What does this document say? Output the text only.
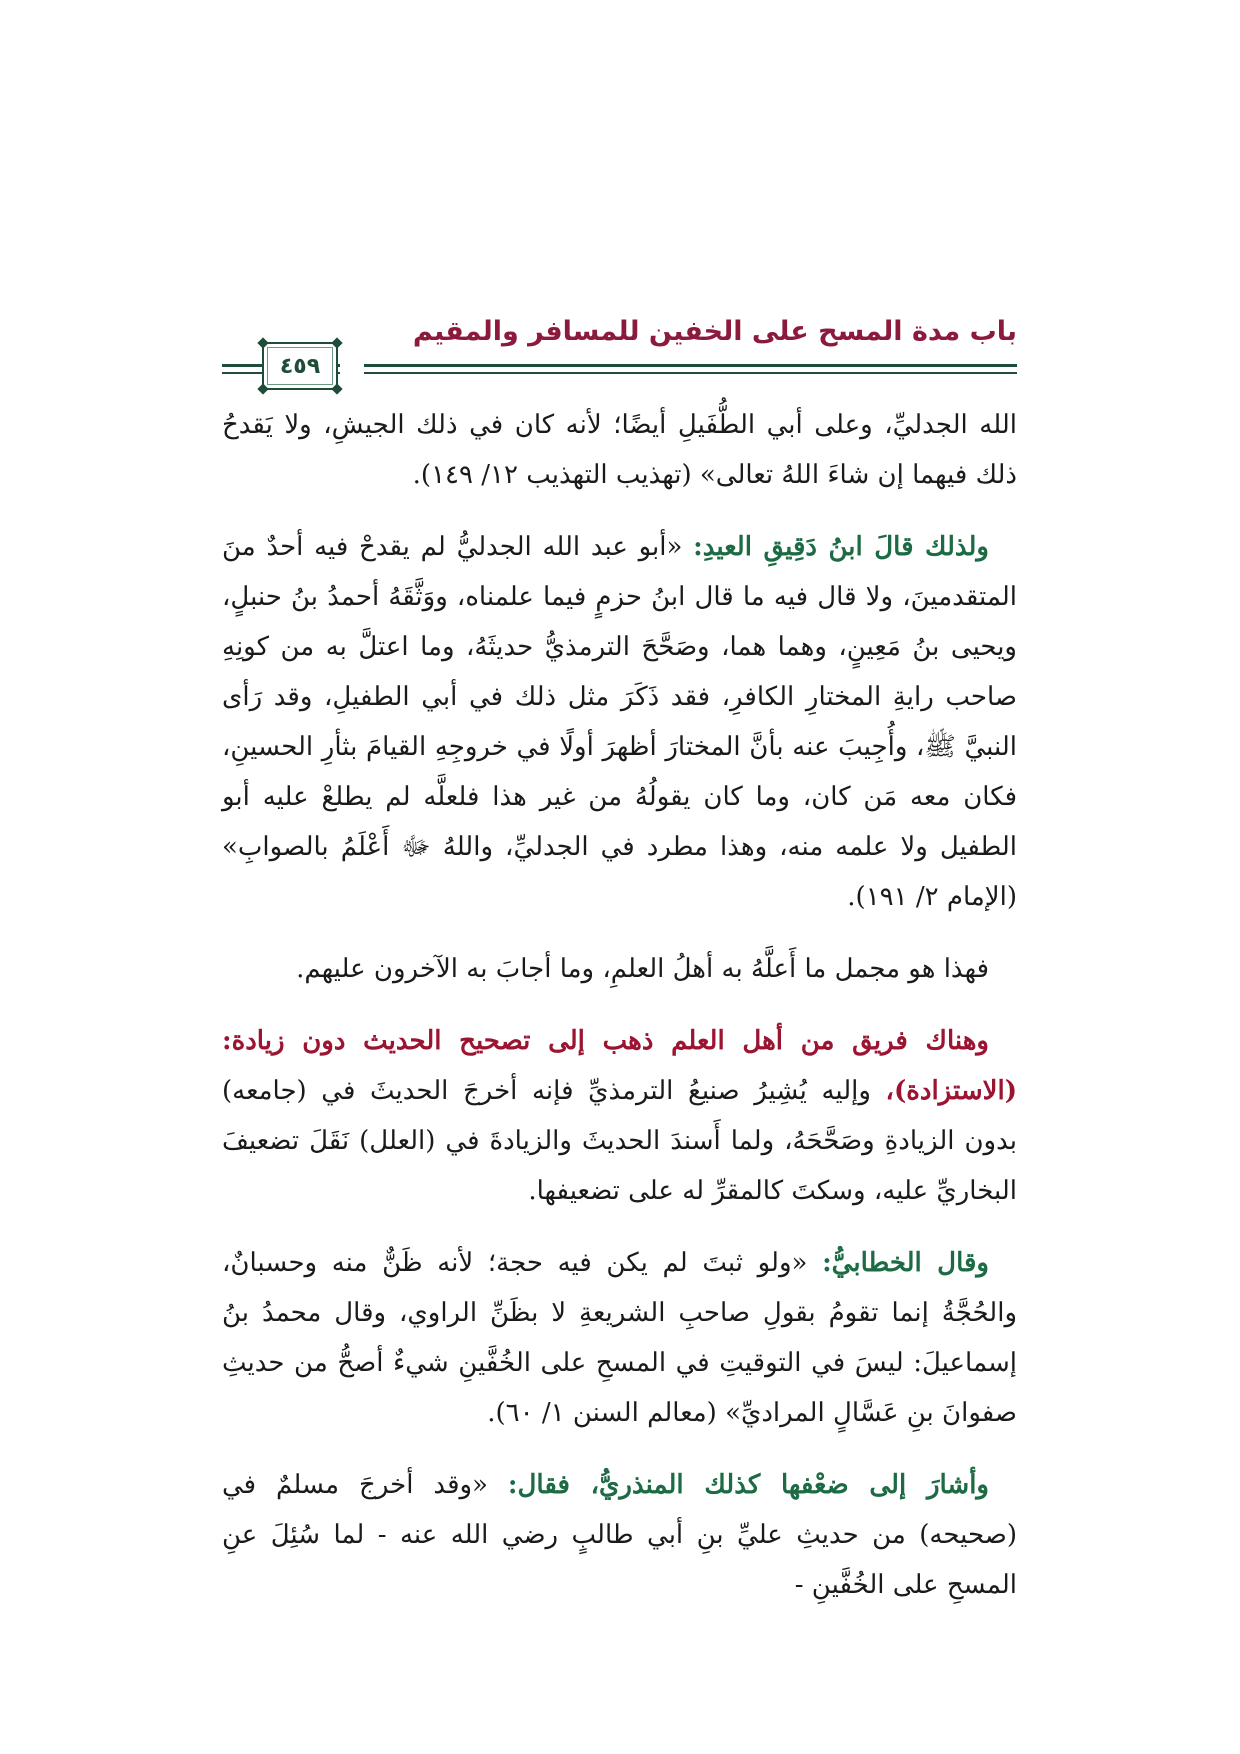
باب مدة المسح على الخفين للمسافر والمقيم
٤٥٩

الله الجدليِّ، وعلى أبي الطُّفَيلِ أيضًا؛ لأنه كان في ذلك الجيشِ، ولا يَقدحُ ذلك فيهما إن شاءَ اللهُ تعالى» (تهذيب التهذيب ١٢/ ١٤٩).

ولذلك قالَ ابنُ دَقِيقِ العيدِ: «أبو عبد الله الجدليُّ لم يقدحْ فيه أحدٌ منَ المتقدمينَ، ولا قال فيه ما قال ابنُ حزمٍ فيما علمناه، ووَثَّقَهُ أحمدُ بنُ حنبلٍ، ويحيى بنُ مَعِينٍ، وهما هما، وصَحَّحَ الترمذيُّ حديثَهُ، وما اعتلَّ به من كونِهِ صاحب رايةِ المختارِ الكافرِ، فقد ذَكَرَ مثل ذلك في أبي الطفيلِ، وقد رَأى النبيَّ ﷺ، وأُجِيبَ عنه بأنَّ المختارَ أظهرَ أولًا في خروجِهِ القيامَ بثأرِ الحسينِ، فكان معه مَن كان، وما كان يقولُهُ من غير هذا فلعلَّه لم يطلعْ عليه أبو الطفيل ولا علمه منه، وهذا مطرد في الجدليِّ، واللهُ ﷻ أَعْلَمُ بالصوابِ» (الإمام ٢/ ١٩١).

فهذا هو مجمل ما أَعلَّهُ به أهلُ العلمِ، وما أجابَ به الآخرون عليهم.

وهناك فريق من أهل العلم ذهب إلى تصحيح الحديث دون زيادة: (الاستزادة)، وإليه يُشِيرُ صنيعُ الترمذيِّ فإنه أخرجَ الحديثَ في (جامعه) بدون الزيادةِ وصَحَّحَهُ، ولما أَسندَ الحديثَ والزيادةَ في (العلل) نَقَلَ تضعيفَ البخاريِّ عليه، وسكتَ كالمقرِّ له على تضعيفها.

وقال الخطابيُّ: «ولو ثبتَ لم يكن فيه حجة؛ لأنه ظَنٌّ منه وحسبانٌ، والحُجَّةُ إنما تقومُ بقولِ صاحبِ الشريعةِ لا بظَنِّ الراوي، وقال محمدُ بنُ إسماعيلَ: ليسَ في التوقيتِ في المسحِ على الخُفَّينِ شيءٌ أصحُّ من حديثِ صفوانَ بنِ عَسَّالٍ المراديِّ» (معالم السنن ١/ ٦٠).

وأشارَ إلى ضعْفها كذلك المنذريُّ، فقال: «وقد أخرجَ مسلمٌ في (صحيحه) من حديثِ عليِّ بنِ أبي طالبٍ رضي الله عنه - لما سُئِلَ عنِ المسحِ على الخُفَّينِ -
